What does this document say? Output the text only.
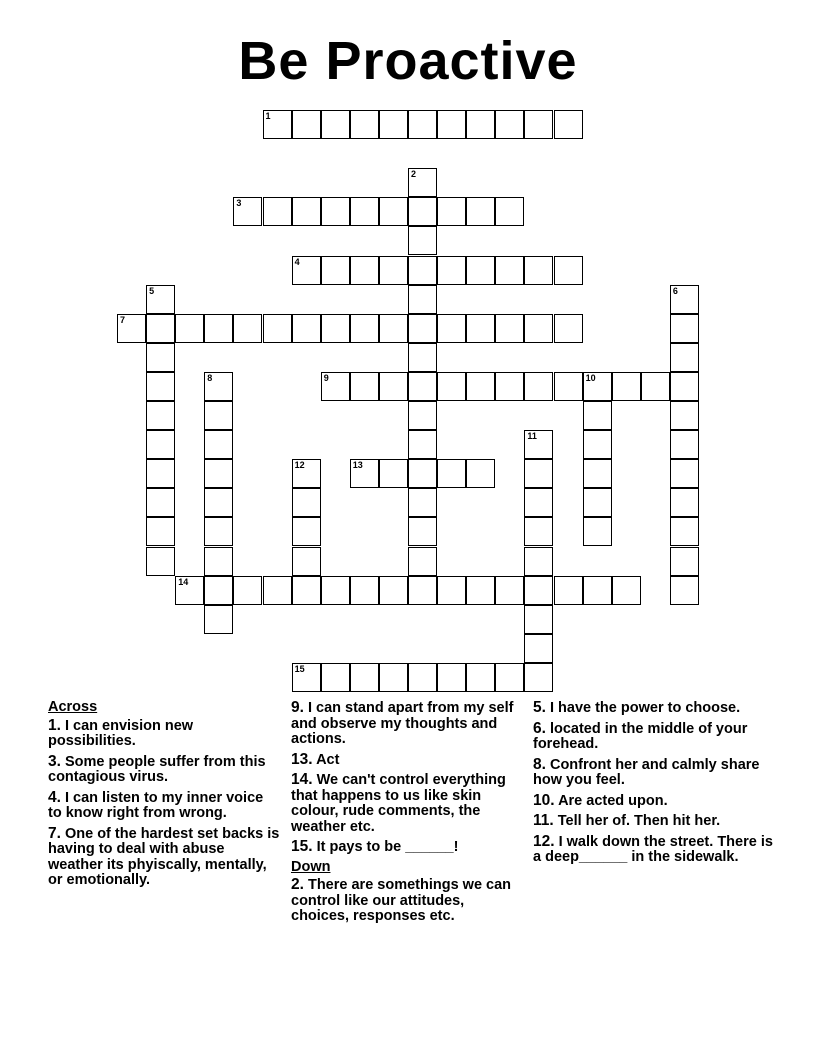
Be Proactive
1
3
4
7
9	10
13
14
15
2
5	6
8
11
12
Across
1. I can envision new possibilities.
3. Some people suffer from this contagious virus.
4. I can listen to my inner voice to know right from wrong.
7. One of the hardest set backs is having to deal with abuse weather its phyiscally, mentally, or emotionally.
9. I can stand apart from my self and observe my thoughts and actions.
13. Act
14. We can't control everything that happens to us like skin colour, rude comments, the weather etc.
15. It pays to be ______!
Down
2. There are somethings we can control like our attitudes, choices, responses etc.
5. I have the power to choose.
6. located in the middle of your forehead.
8. Confront her and calmly share how you feel.
10. Are acted upon.
11. Tell her of. Then hit her.
12. I walk down the street. There is a deep______ in the sidewalk.
